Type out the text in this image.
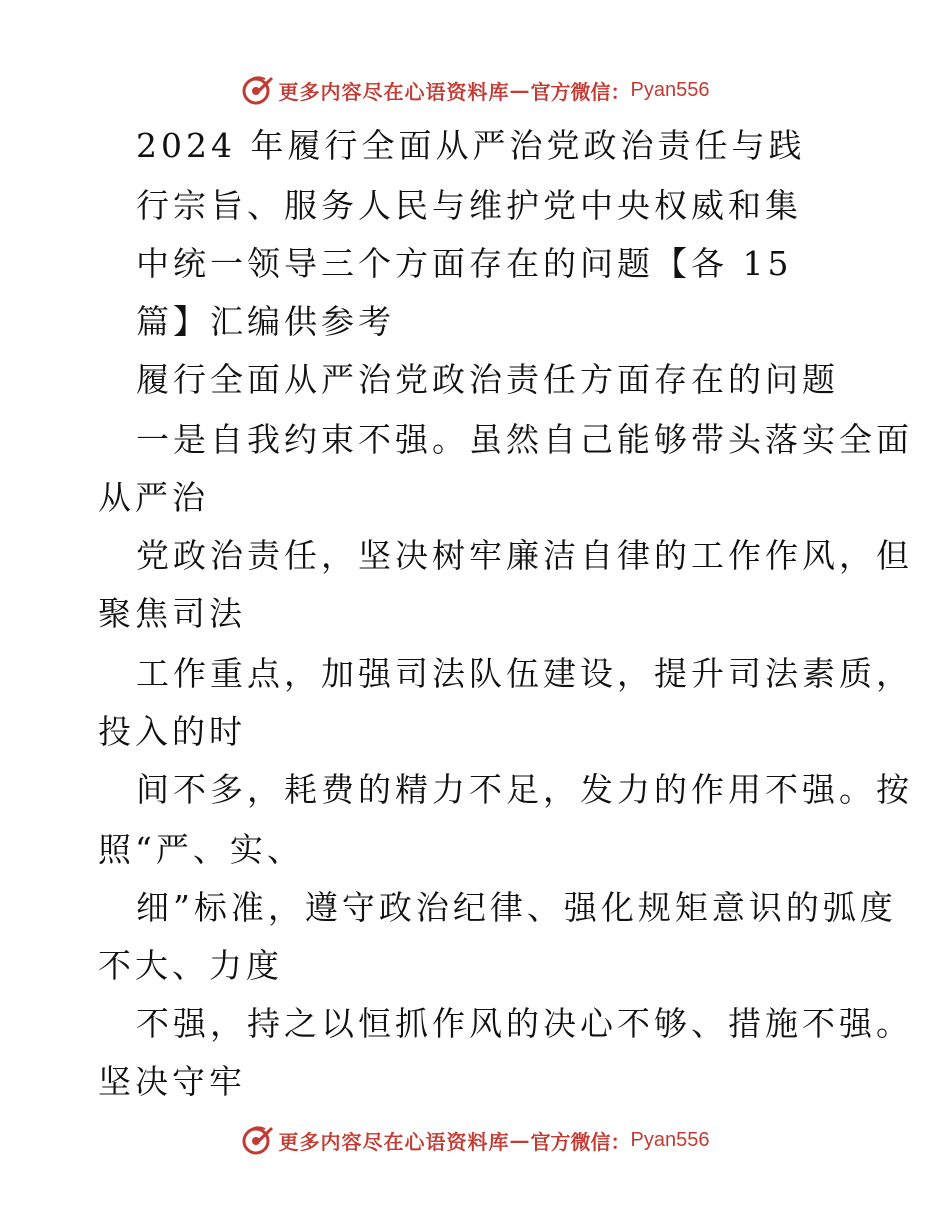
更多内容尽在心语资料库 — 官方微信： Pyan556
2024 年履行全面从严治党政治责任与践
行宗旨、服务人民与维护党中央权威和集
中统一领导三个方面存在的问题【各 15
篇】汇编供参考
履行全面从严治党政治责任方面存在的问题
一是自我约束不强。虽然自己能够带头落实全面
从严治
党政治责任，坚决树牢廉洁自律的工作作风，但
聚焦司法
工作重点，加强司法队伍建设，提升司法素质，
投入的时
间不多，耗费的精力不足，发力的作用不强。按
照“严、实、
细”标准，遵守政治纪律、强化规矩意识的弧度
不大、力度
不强，持之以恒抓作风的决心不够、措施不强。
坚决守牢
更多内容尽在心语资料库 — 官方微信： Pyan556
